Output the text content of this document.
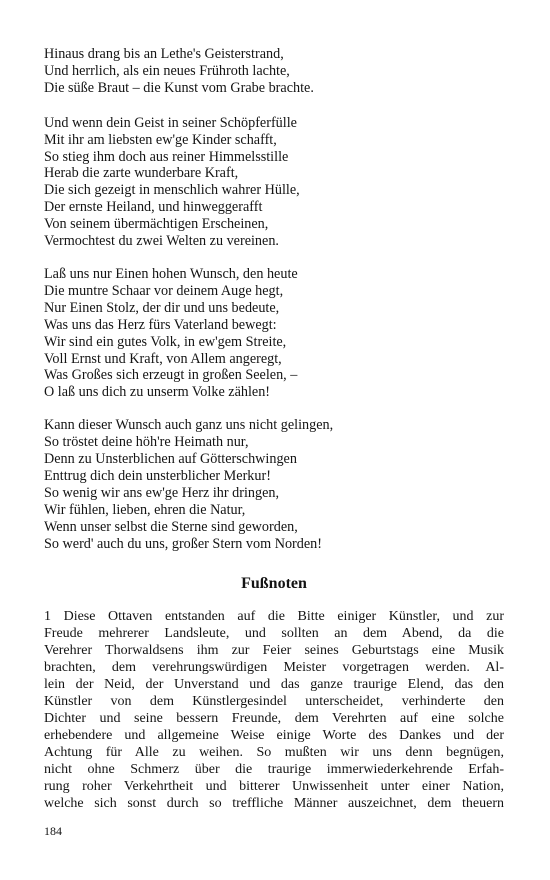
Hinaus drang bis an Lethe's Geisterstrand,
Und herrlich, als ein neues Frühroth lachte,
Die süße Braut – die Kunst vom Grabe brachte.
Und wenn dein Geist in seiner Schöpferfülle
Mit ihr am liebsten ew'ge Kinder schafft,
So stieg ihm doch aus reiner Himmelsstille
Herab die zarte wunderbare Kraft,
Die sich gezeigt in menschlich wahrer Hülle,
Der ernste Heiland, und hinweggerafft
Von seinem übermächtigen Erscheinen,
Vermochtest du zwei Welten zu vereinen.
Laß uns nur Einen hohen Wunsch, den heute
Die muntre Schaar vor deinem Auge hegt,
Nur Einen Stolz, der dir und uns bedeute,
Was uns das Herz fürs Vaterland bewegt:
Wir sind ein gutes Volk, in ew'gem Streite,
Voll Ernst und Kraft, von Allem angeregt,
Was Großes sich erzeugt in großen Seelen, –
O laß uns dich zu unserm Volke zählen!
Kann dieser Wunsch auch ganz uns nicht gelingen,
So tröstet deine höh're Heimath nur,
Denn zu Unsterblichen auf Götterschwingen
Enttrug dich dein unsterblicher Merkur!
So wenig wir ans ew'ge Herz ihr dringen,
Wir fühlen, lieben, ehren die Natur,
Wenn unser selbst die Sterne sind geworden,
So werd' auch du uns, großer Stern vom Norden!
Fußnoten
1 Diese Ottaven entstanden auf die Bitte einiger Künstler, und zur
Freude mehrerer Landsleute, und sollten an dem Abend, da die
Verehrer Thorwaldsens ihm zur Feier seines Geburtstags eine Musik
brachten, dem verehrungswürdigen Meister vorgetragen werden. Al-
lein der Neid, der Unverstand und das ganze traurige Elend, das den
Künstler von dem Künstlergesindel unterscheidet, verhinderte den
Dichter und seine bessern Freunde, dem Verehrten auf eine solche
erhebendere und allgemeine Weise einige Worte des Dankes und der
Achtung für Alle zu weihen. So mußten wir uns denn begnügen,
nicht ohne Schmerz über die traurige immerwiederkehrende Erfah-
rung roher Verkehrtheit und bitterer Unwissenheit unter einer Nation,
welche sich sonst durch so treffliche Männer auszeichnet, dem theuern
184
